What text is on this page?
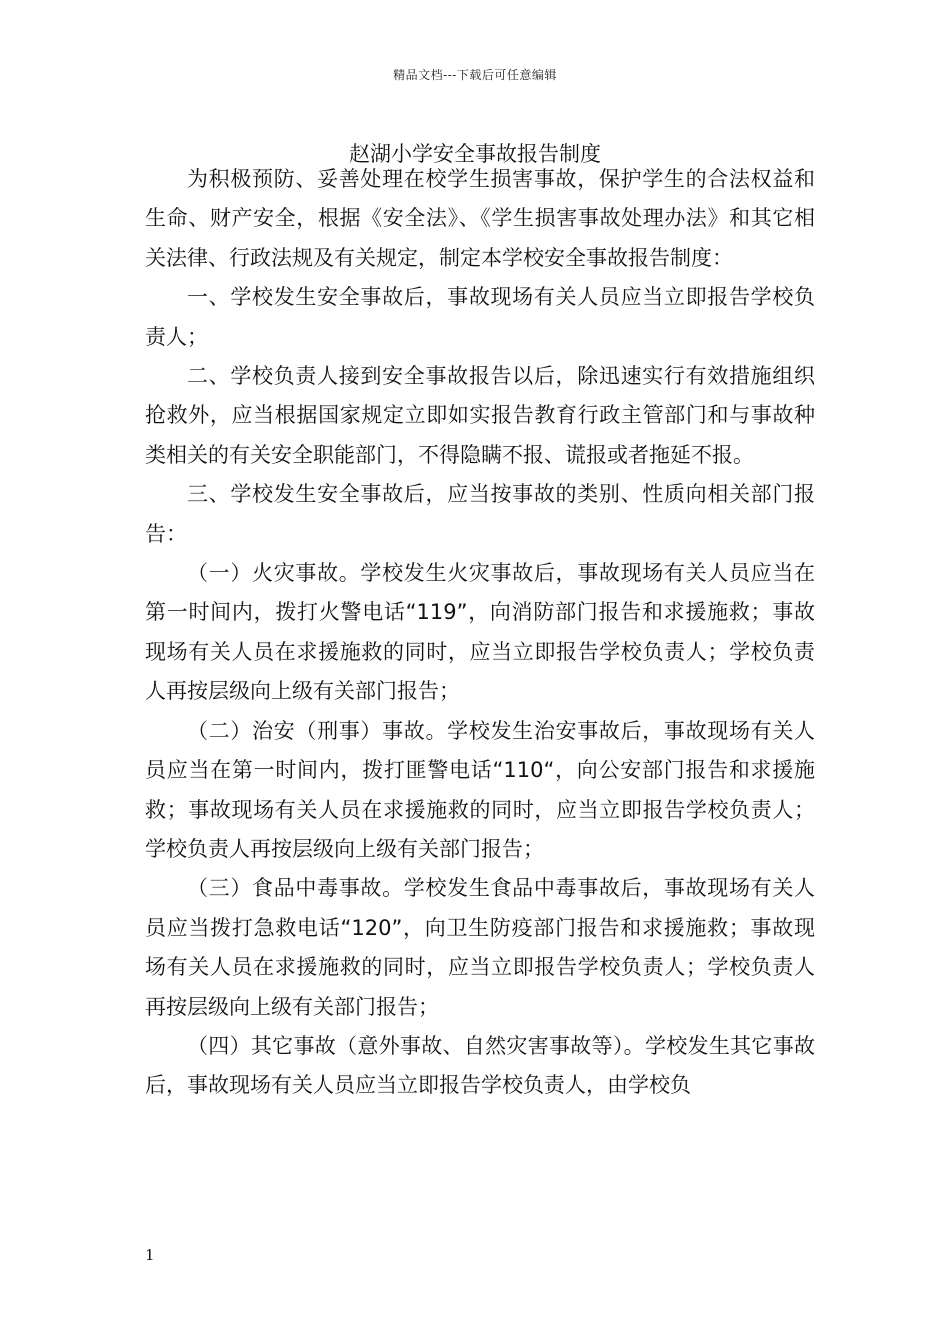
精品文档---下载后可任意编辑
赵湖小学安全事故报告制度

为积极预防、妥善处理在校学生损害事故，保护学生的合法权益和生命、财产安全，根据《安全法》、《学生损害事故处理办法》和其它相关法律、行政法规及有关规定，制定本学校安全事故报告制度：

一、学校发生安全事故后，事故现场有关人员应当立即报告学校负责人；

二、学校负责人接到安全事故报告以后，除迅速实行有效措施组织抢救外，应当根据国家规定立即如实报告教育行政主管部门和与事故种类相关的有关安全职能部门，不得隐瞒不报、谎报或者拖延不报。

三、学校发生安全事故后，应当按事故的类别、性质向相关部门报告：

（一）火灾事故。学校发生火灾事故后，事故现场有关人员应当在第一时间内，拨打火警电话“119”，向消防部门报告和求援施救；事故现场有关人员在求援施救的同时，应当立即报告学校负责人；学校负责人再按层级向上级有关部门报告；

（二）治安（刑事）事故。学校发生治安事故后，事故现场有关人员应当在第一时间内，拨打匪警电话“110“，向公安部门报告和求援施救；事故现场有关人员在求援施救的同时，应当立即报告学校负责人；学校负责人再按层级向上级有关部门报告；

（三）食品中毒事故。学校发生食品中毒事故后，事故现场有关人员应当拨打急救电话“120”，向卫生防疫部门报告和求援施救；事故现场有关人员在求援施救的同时，应当立即报告学校负责人；学校负责人再按层级向上级有关部门报告；

（四）其它事故（意外事故、自然灾害事故等）。学校发生其它事故后，事故现场有关人员应当立即报告学校负责人，由学校负

1
